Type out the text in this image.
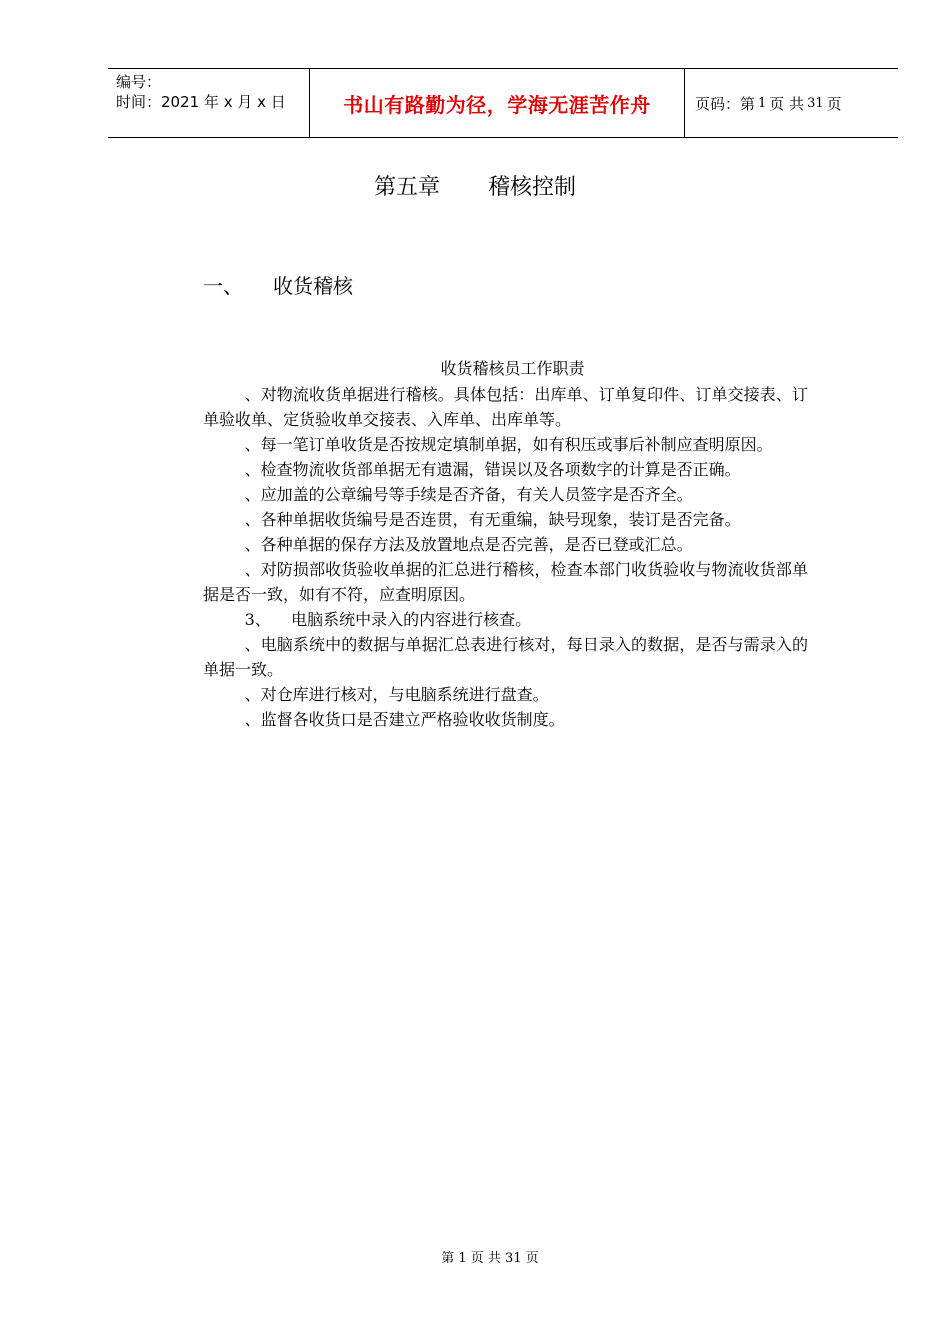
编号：
时间：2021 年 x 月 x 日	书山有路勤为径，学海无涯苦作舟	页码：第 1 页 共 31 页
第五章 稽核控制
一、 收货稽核
收货稽核员工作职责

、对物流收货单据进行稽核。具体包括：出库单、订单复印件、订单交接表、订单验收单、定货验收单交接表、入库单、出库单等。

、每一笔订单收货是否按规定填制单据，如有积压或事后补制应查明原因。

、检查物流收货部单据无有遗漏，错误以及各项数字的计算是否正确。

、应加盖的公章编号等手续是否齐备，有关人员签字是否齐全。

、各种单据收货编号是否连贯，有无重编，缺号现象，装订是否完备。

、各种单据的保存方法及放置地点是否完善，是否已登或汇总。

、对防损部收货验收单据的汇总进行稽核，检查本部门收货验收与物流收货部单据是否一致，如有不符，应查明原因。

3、    电脑系统中录入的内容进行核查。

、电脑系统中的数据与单据汇总表进行核对，每日录入的数据，是否与需录入的单据一致。

、对仓库进行核对，与电脑系统进行盘查。

、监督各收货口是否建立严格验收收货制度。

第 1 页 共 31 页
